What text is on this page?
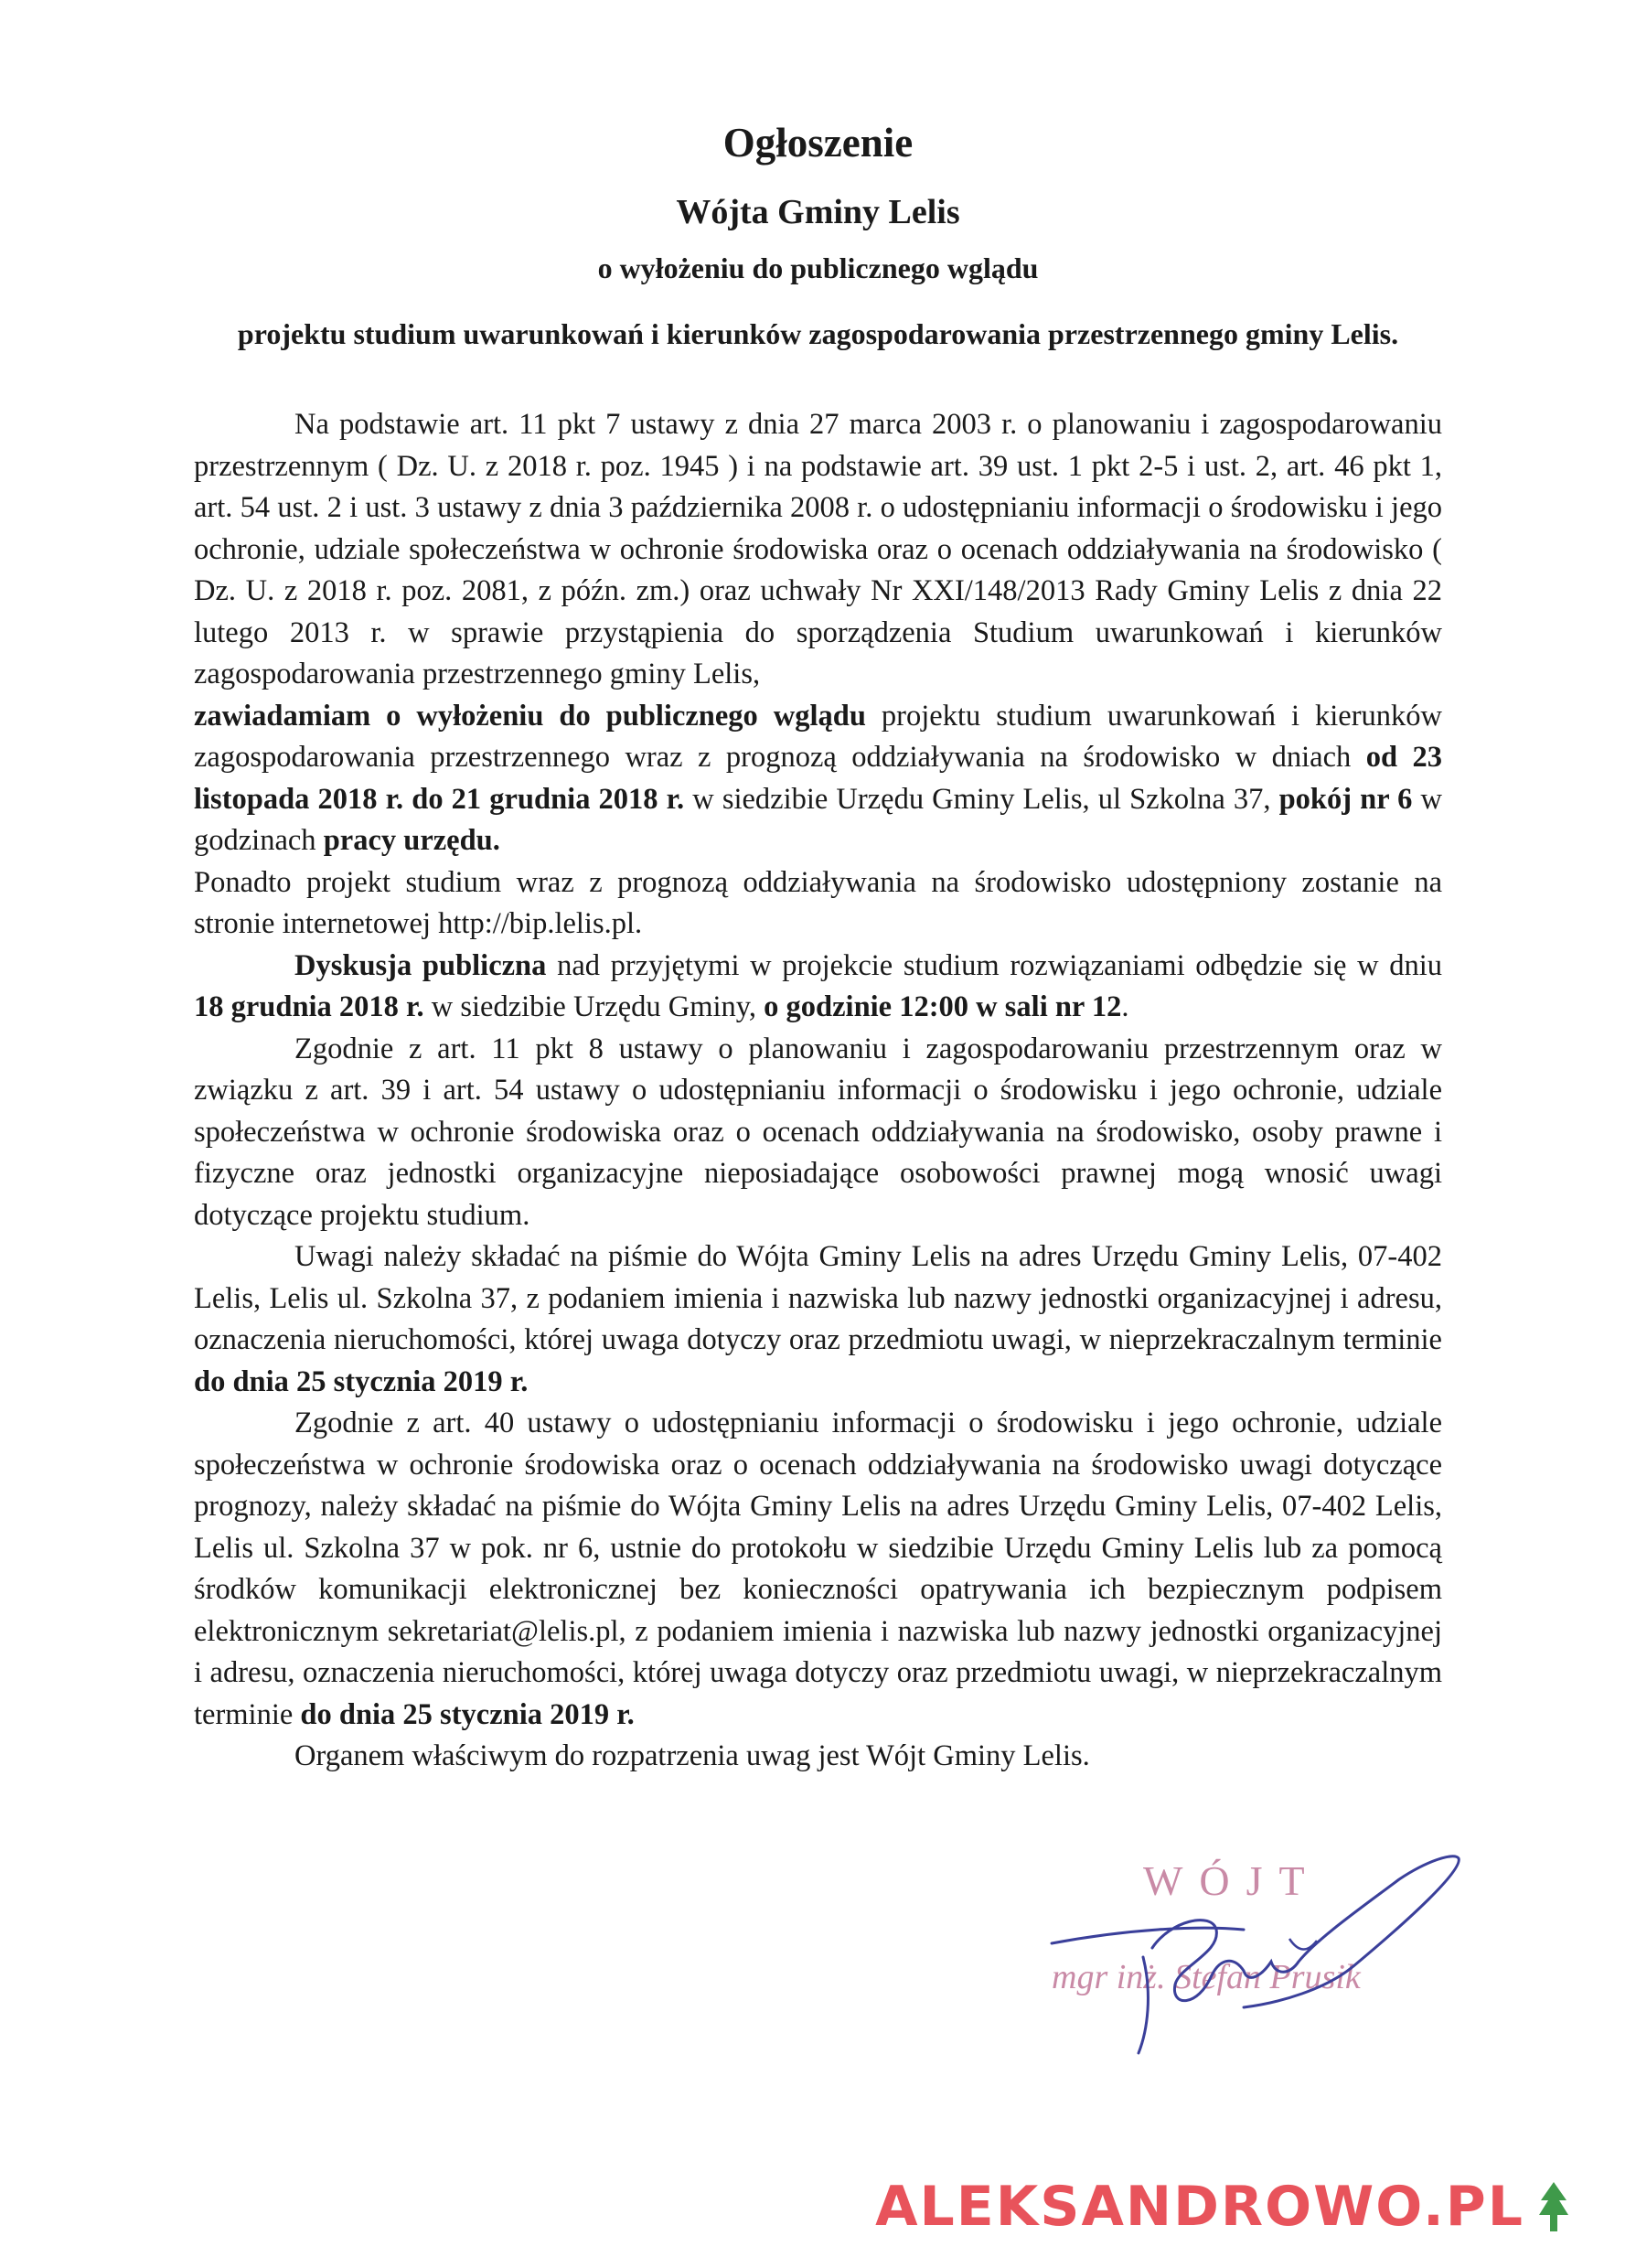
Ogłoszenie
Wójta Gminy Lelis
o wyłożeniu do publicznego wglądu
projektu studium uwarunkowań i kierunków zagospodarowania przestrzennego gminy Lelis.

Na podstawie art. 11 pkt 7 ustawy z dnia 27 marca 2003 r. o planowaniu i zagospodarowaniu przestrzennym ( Dz. U. z 2018 r. poz. 1945 ) i na podstawie art. 39 ust. 1 pkt 2-5 i ust. 2, art. 46 pkt 1, art. 54 ust. 2 i ust. 3 ustawy z dnia 3 października 2008 r. o udostępnianiu informacji o środowisku i jego ochronie, udziale społeczeństwa w ochronie środowiska oraz o ocenach oddziaływania na środowisko ( Dz. U. z 2018 r. poz. 2081, z późn. zm.) oraz uchwały Nr XXI/148/2013 Rady Gminy Lelis z dnia 22 lutego 2013 r. w sprawie przystąpienia do sporządzenia Studium uwarunkowań i kierunków zagospodarowania przestrzennego gminy Lelis,

zawiadamiam o wyłożeniu do publicznego wglądu projektu studium uwarunkowań i kierunków zagospodarowania przestrzennego wraz z prognozą oddziaływania na środowisko w dniach od 23 listopada 2018 r. do 21 grudnia 2018 r. w siedzibie Urzędu Gminy Lelis, ul Szkolna 37, pokój nr 6 w godzinach pracy urzędu.

Ponadto projekt studium wraz z prognozą oddziaływania na środowisko udostępniony zostanie na stronie internetowej http://bip.lelis.pl.

Dyskusja publiczna nad przyjętymi w projekcie studium rozwiązaniami odbędzie się w dniu 18 grudnia 2018 r. w siedzibie Urzędu Gminy, o godzinie 12:00 w sali nr 12.

Zgodnie z art. 11 pkt 8 ustawy o planowaniu i zagospodarowaniu przestrzennym oraz w związku z art. 39 i art. 54 ustawy o udostępnianiu informacji o środowisku i jego ochronie, udziale społeczeństwa w ochronie środowiska oraz o ocenach oddziaływania na środowisko, osoby prawne i fizyczne oraz jednostki organizacyjne nieposiadające osobowości prawnej mogą wnosić uwagi dotyczące projektu studium.

Uwagi należy składać na piśmie do Wójta Gminy Lelis na adres Urzędu Gminy Lelis, 07-402 Lelis, Lelis ul. Szkolna 37, z podaniem imienia i nazwiska lub nazwy jednostki organizacyjnej i adresu, oznaczenia nieruchomości, której uwaga dotyczy oraz przedmiotu uwagi, w nieprzekraczalnym terminie do dnia 25 stycznia 2019 r.

Zgodnie z art. 40 ustawy o udostępnianiu informacji o środowisku i jego ochronie, udziale społeczeństwa w ochronie środowiska oraz o ocenach oddziaływania na środowisko uwagi dotyczące prognozy, należy składać na piśmie do Wójta Gminy Lelis na adres Urzędu Gminy Lelis, 07-402 Lelis, Lelis ul. Szkolna 37 w pok. nr 6, ustnie do protokołu w siedzibie Urzędu Gminy Lelis lub za pomocą środków komunikacji elektronicznej bez konieczności opatrywania ich bezpiecznym podpisem elektronicznym sekretariat@lelis.pl, z podaniem imienia i nazwiska lub nazwy jednostki organizacyjnej i adresu, oznaczenia nieruchomości, której uwaga dotyczy oraz przedmiotu uwagi, w nieprzekraczalnym terminie do dnia 25 stycznia 2019 r.

Organem właściwym do rozpatrzenia uwag jest Wójt Gminy Lelis.

WÓJT
mgr inż. Stefan Prusik
ALEKSANDROWO.PL
